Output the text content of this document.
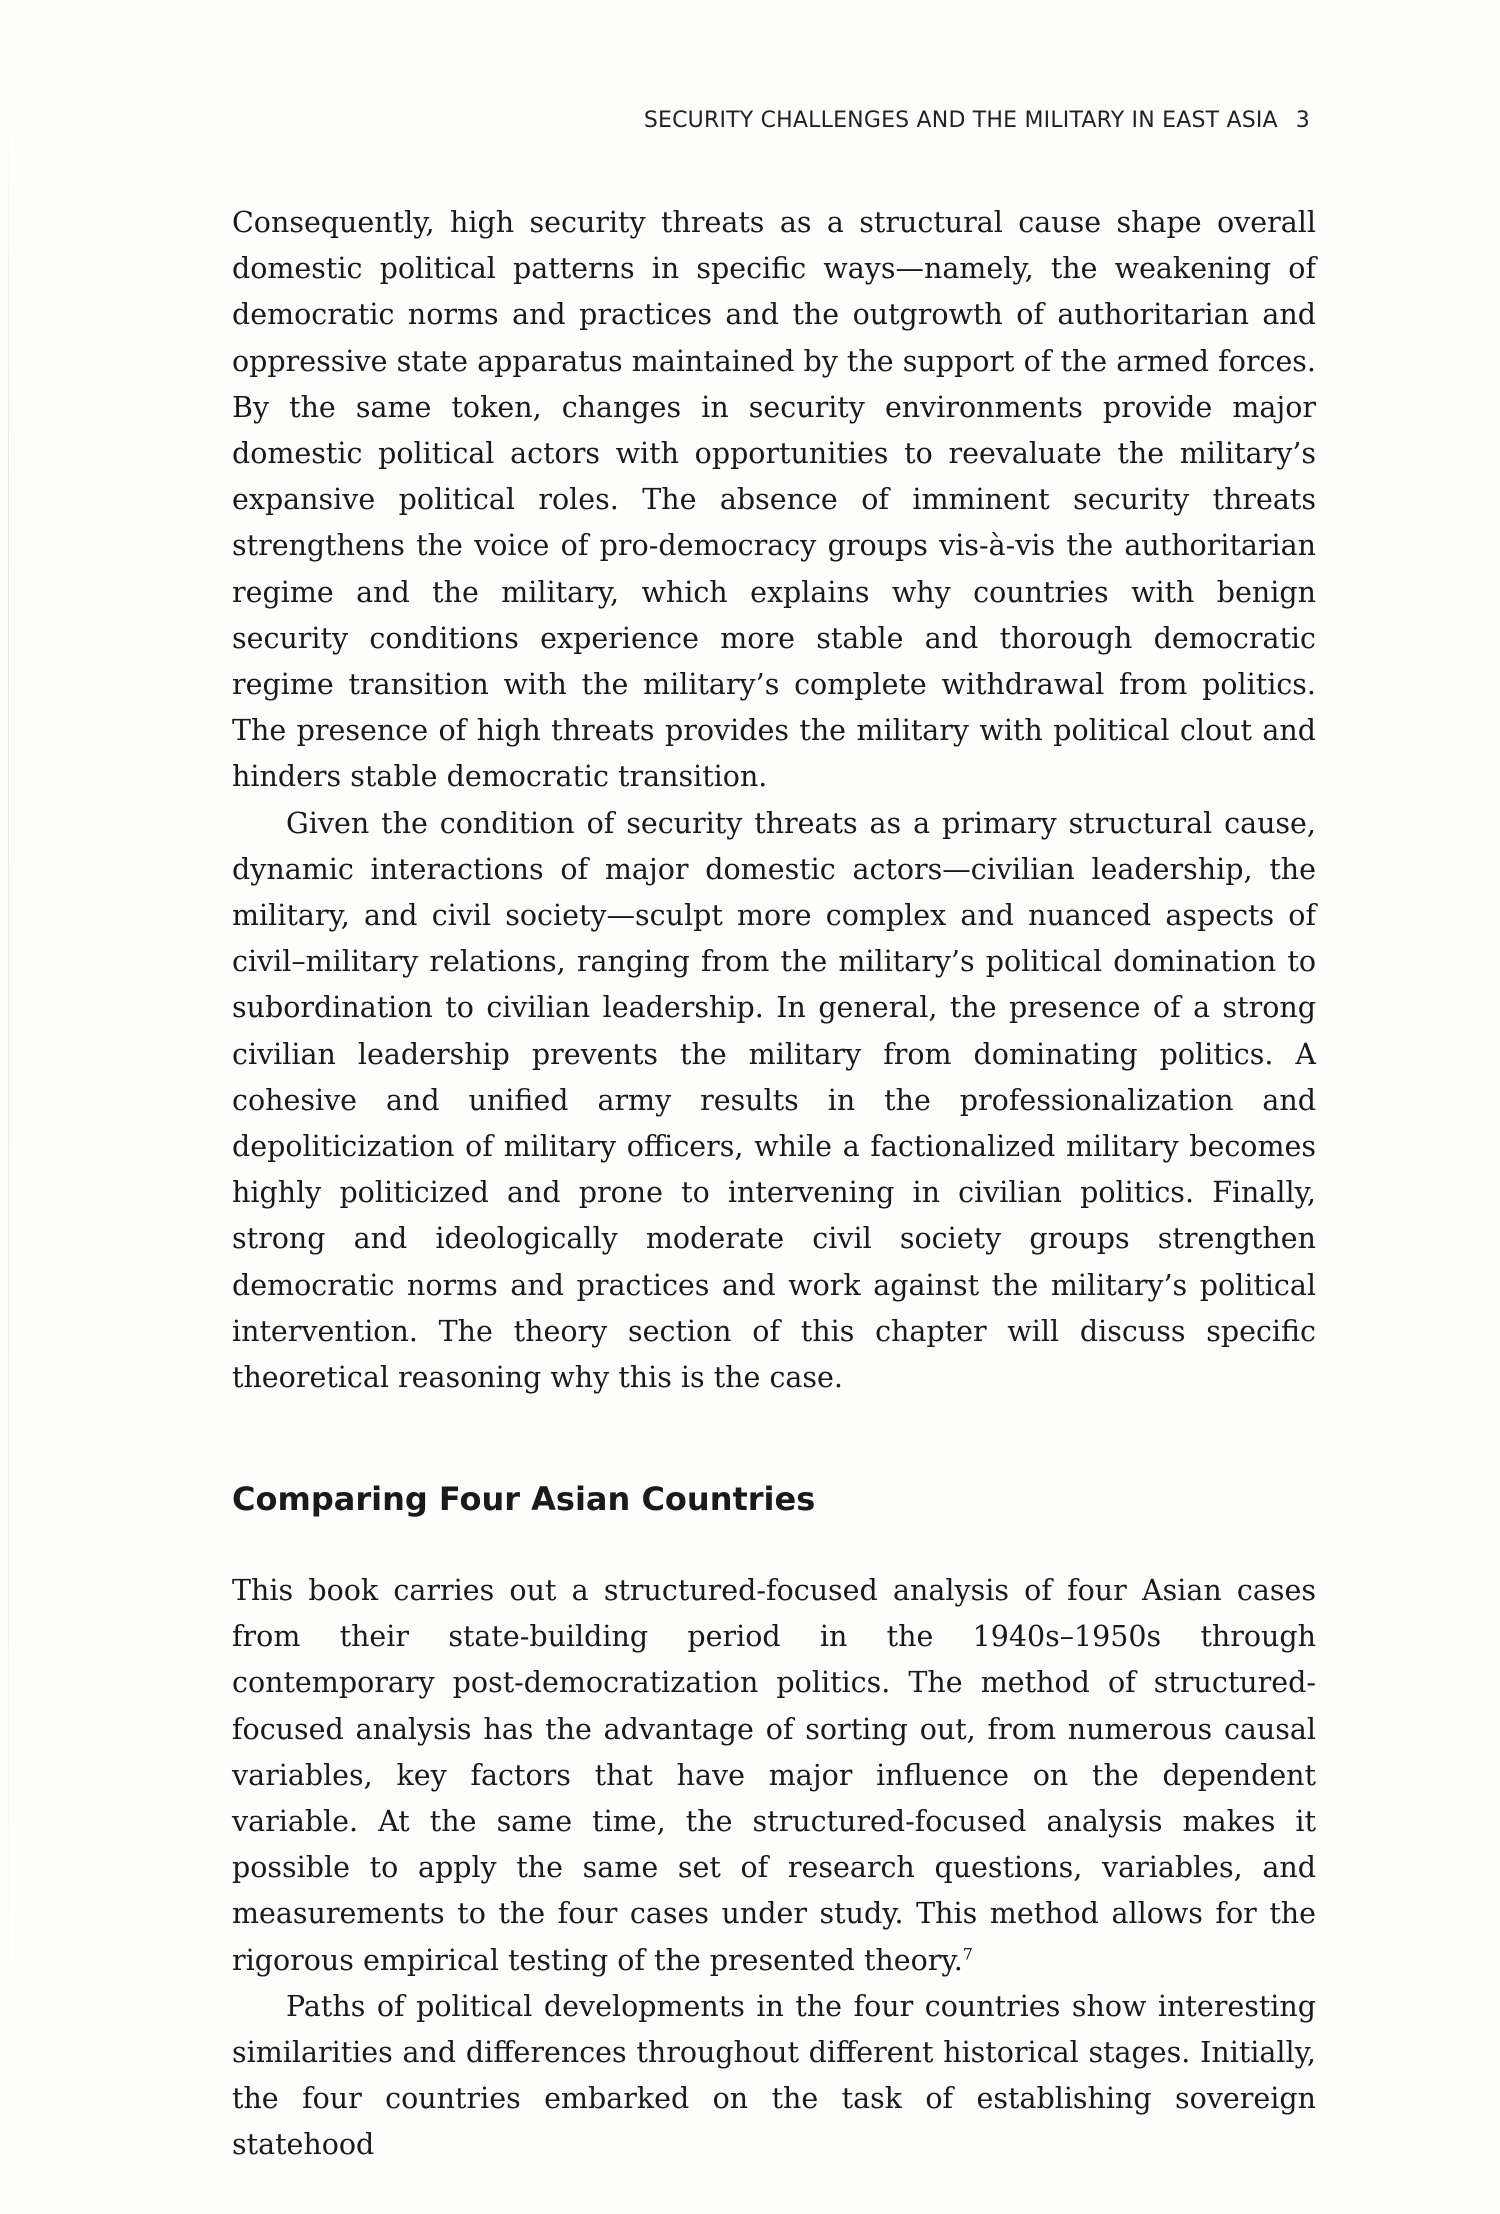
SECURITY CHALLENGES AND THE MILITARY IN EAST ASIA 3

Consequently, high security threats as a structural cause shape overall domestic political patterns in specific ways—namely, the weakening of democratic norms and practices and the outgrowth of authoritarian and oppressive state apparatus maintained by the support of the armed forces. By the same token, changes in security environments provide major domestic political actors with opportunities to reevaluate the military’s expansive political roles. The absence of imminent security threats strengthens the voice of pro-democracy groups vis-à-vis the authoritarian regime and the military, which explains why countries with benign security conditions experience more stable and thorough democratic regime transition with the military’s complete withdrawal from politics. The presence of high threats provides the military with political clout and hinders stable democratic transition.

Given the condition of security threats as a primary structural cause, dynamic interactions of major domestic actors—civilian leadership, the military, and civil society—sculpt more complex and nuanced aspects of civil–military relations, ranging from the military’s political domination to subordination to civilian leadership. In general, the presence of a strong civilian leadership prevents the military from dominating politics. A cohesive and unified army results in the professionalization and depoliticization of military officers, while a factionalized military becomes highly politicized and prone to intervening in civilian politics. Finally, strong and ideologically moderate civil society groups strengthen democratic norms and practices and work against the military’s political intervention. The theory section of this chapter will discuss specific theoretical reasoning why this is the case.

Comparing Four Asian Countries

This book carries out a structured-focused analysis of four Asian cases from their state-building period in the 1940s–1950s through contemporary post-democratization politics. The method of structured-focused analysis has the advantage of sorting out, from numerous causal variables, key factors that have major influence on the dependent variable. At the same time, the structured-focused analysis makes it possible to apply the same set of research questions, variables, and measurements to the four cases under study. This method allows for the rigorous empirical testing of the presented theory.$^7$

Paths of political developments in the four countries show interesting similarities and differences throughout different historical stages. Initially, the four countries embarked on the task of establishing sovereign statehood
